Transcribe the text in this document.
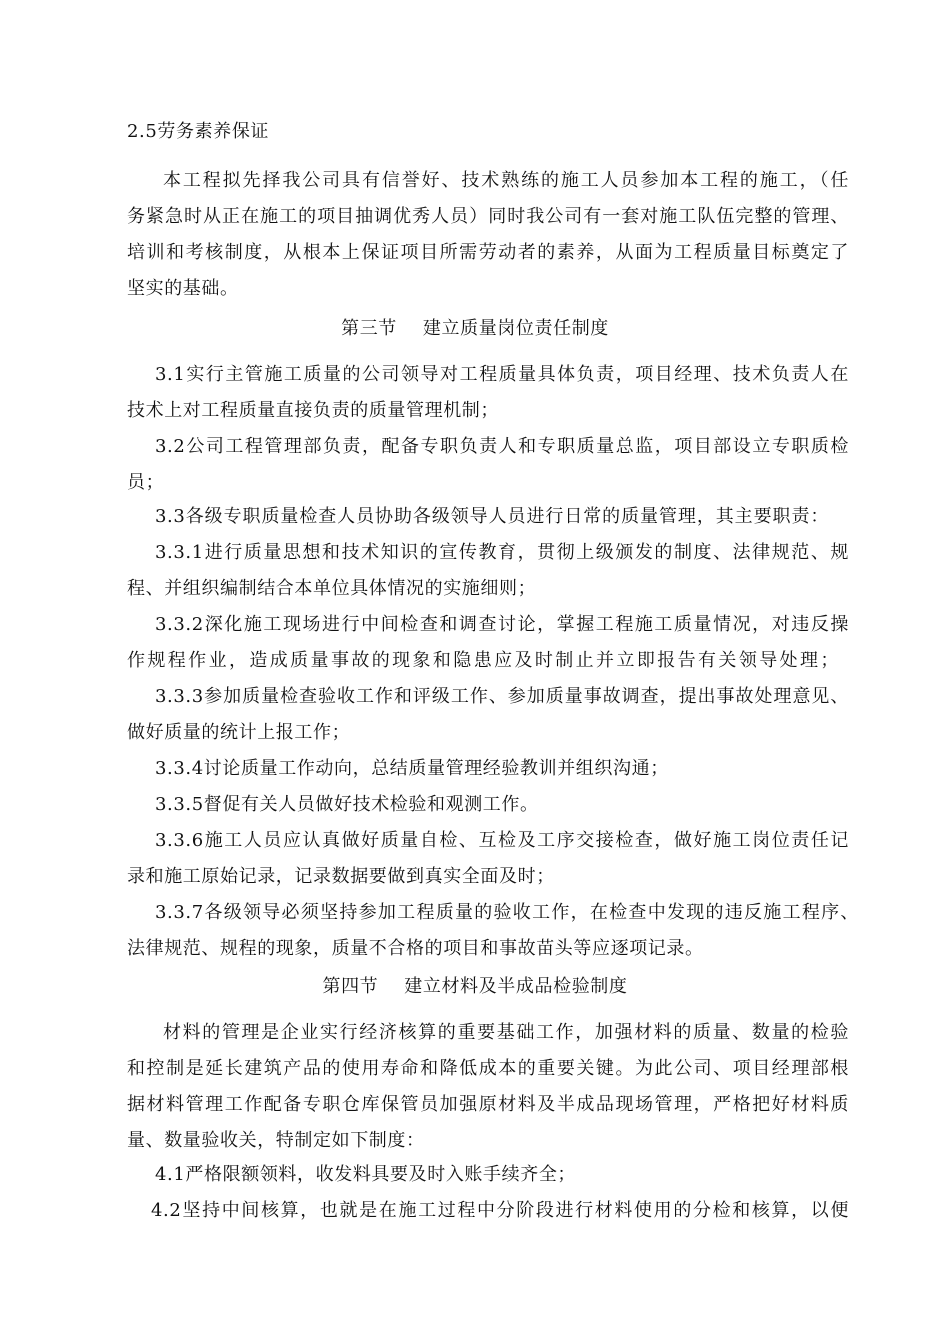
2.5劳务素养保证
本工程拟先择我公司具有信誉好、技术熟练的施工人员参加本工程的施工，（任
务紧急时从正在施工的项目抽调优秀人员）同时我公司有一套对施工队伍完整的管理、
培训和考核制度，从根本上保证项目所需劳动者的素养，从面为工程质量目标奠定了
坚实的基础。
第三节 建立质量岗位责任制度
3.1实行主管施工质量的公司领导对工程质量具体负责，项目经理、技术负责人在
技术上对工程质量直接负责的质量管理机制；
3.2公司工程管理部负责，配备专职负责人和专职质量总监，项目部设立专职质检
员；
3.3各级专职质量检查人员协助各级领导人员进行日常的质量管理，其主要职责：
3.3.1进行质量思想和技术知识的宣传教育，贯彻上级颁发的制度、法律规范、规
程、并组织编制结合本单位具体情况的实施细则；
3.3.2深化施工现场进行中间检查和调查讨论，掌握工程施工质量情况，对违反操
作规程作业，造成质量事故的现象和隐患应及时制止并立即报告有关领导处理；
3.3.3参加质量检查验收工作和评级工作、参加质量事故调查，提出事故处理意见、
做好质量的统计上报工作；
3.3.4讨论质量工作动向，总结质量管理经验教训并组织沟通；
3.3.5督促有关人员做好技术检验和观测工作。
3.3.6施工人员应认真做好质量自检、互检及工序交接检查，做好施工岗位责任记
录和施工原始记录，记录数据要做到真实全面及时；
3.3.7各级领导必须坚持参加工程质量的验收工作，在检查中发现的违反施工程序、
法律规范、规程的现象，质量不合格的项目和事故苗头等应逐项记录。
第四节 建立材料及半成品检验制度
材料的管理是企业实行经济核算的重要基础工作，加强材料的质量、数量的检验
和控制是延长建筑产品的使用寿命和降低成本的重要关键。为此公司、项目经理部根
据材料管理工作配备专职仓库保管员加强原材料及半成品现场管理，严格把好材料质
量、数量验收关，特制定如下制度：
4.1严格限额领料，收发料具要及时入账手续齐全；
4.2坚持中间核算，也就是在施工过程中分阶段进行材料使用的分检和核算，以便
